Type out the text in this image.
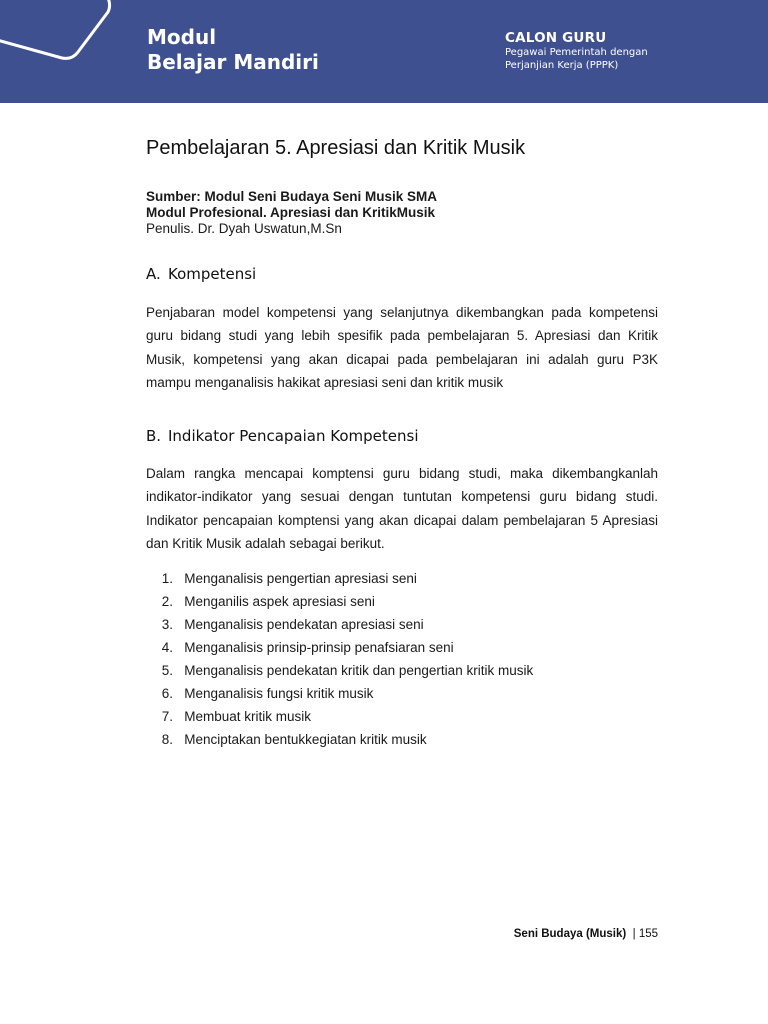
Modul
Belajar Mandiri
CALON GURU
Pegawai Pemerintah dengan
Perjanjian Kerja (PPPK)
Pembelajaran 5. Apresiasi dan Kritik Musik
Sumber: Modul Seni Budaya Seni Musik SMA
Modul Profesional. Apresiasi dan KritikMusik
Penulis. Dr. Dyah Uswatun,M.Sn
A. Kompetensi
Penjabaran model kompetensi yang selanjutnya dikembangkan pada kompetensi guru bidang studi yang lebih spesifik pada pembelajaran 5. Apresiasi dan Kritik Musik, kompetensi yang akan dicapai pada pembelajaran ini adalah guru P3K mampu menganalisis hakikat apresiasi seni dan kritik musik
B. Indikator Pencapaian Kompetensi
Dalam rangka mencapai komptensi guru bidang studi, maka dikembangkanlah indikator-indikator yang sesuai dengan tuntutan kompetensi guru bidang studi. Indikator pencapaian komptensi yang akan dicapai dalam pembelajaran 5 Apresiasi dan Kritik Musik adalah sebagai berikut.
1. Menganalisis pengertian apresiasi seni
2. Menganilis aspek apresiasi seni
3. Menganalisis pendekatan apresiasi seni
4. Menganalisis prinsip-prinsip penafsiaran seni
5. Menganalisis pendekatan kritik dan pengertian kritik musik
6. Menganalisis fungsi kritik musik
7. Membuat kritik musik
8. Menciptakan bentukkegiatan kritik musik
Seni Budaya (Musik) | 155
